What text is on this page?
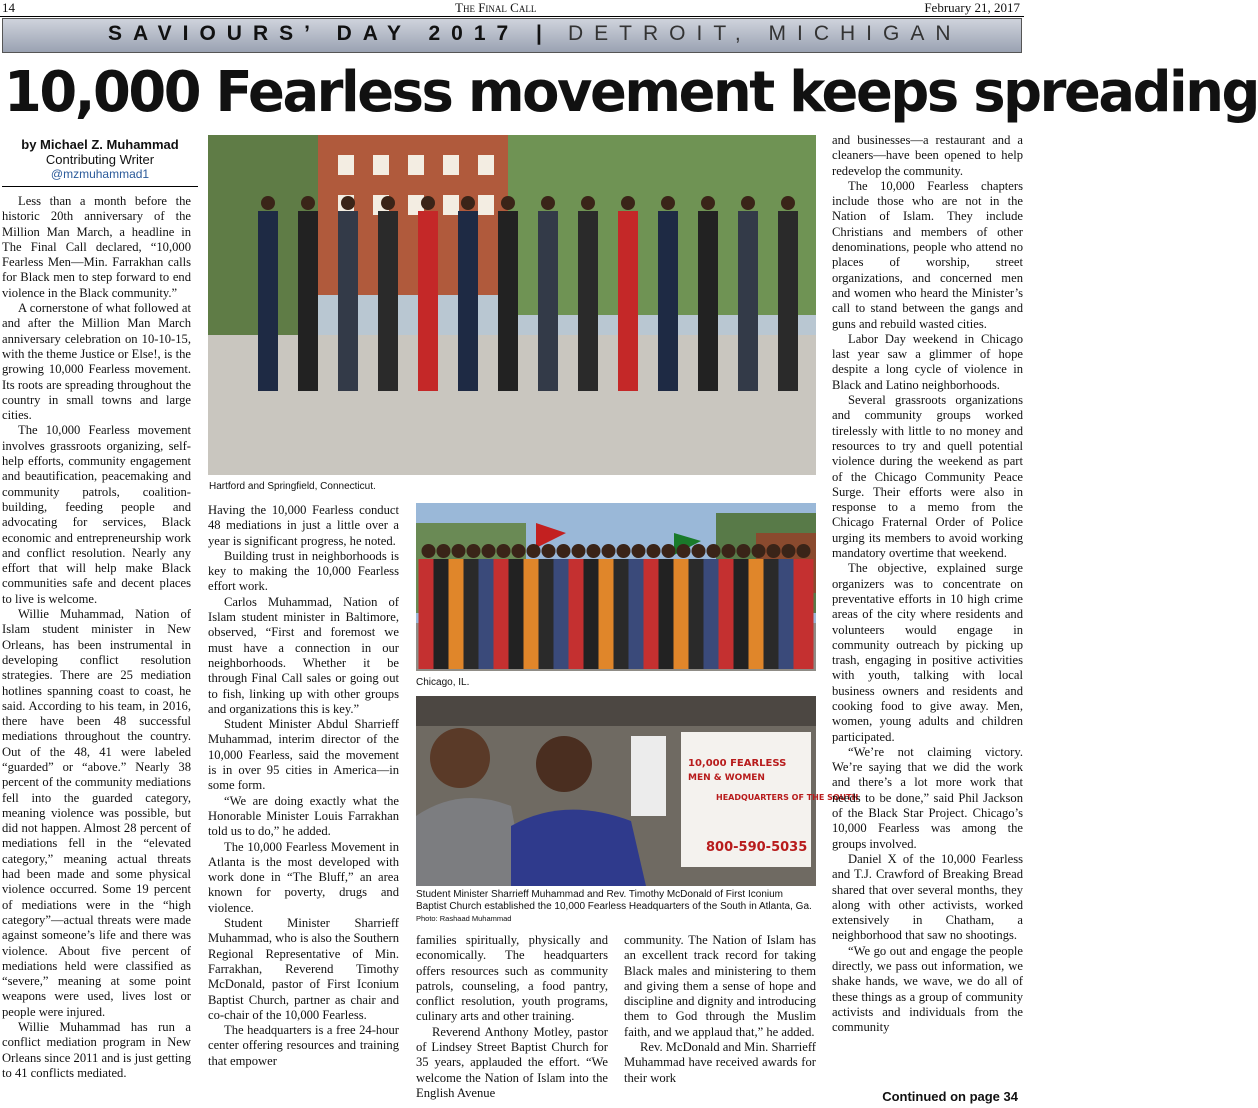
14	The Final Call	February 21, 2017
SAVIOURS’ DAY 2017 | DETROIT, MICHIGAN
10,000 Fearless movement keeps spreading
by Michael Z. Muhammad
Contributing Writer
@mzmuhammad1

Less than a month before the historic 20th anniversary of the Million Man March, a headline in The Final Call declared, “10,000 Fearless Men—Min. Farrakhan calls for Black men to step forward to end violence in the Black community.”

A cornerstone of what followed at and after the Million Man March anniversary celebration on 10-10-15, with the theme Justice or Else!, is the growing 10,000 Fearless movement. Its roots are spreading throughout the country in small towns and large cities.

The 10,000 Fearless movement involves grassroots organizing, self-help efforts, community engagement and beautification, peacemaking and community patrols, coalition-building, feeding people and advocating for services, Black economic and entrepreneurship work and conflict resolution. Nearly any effort that will help make Black communities safe and decent places to live is welcome.

Willie Muhammad, Nation of Islam student minister in New Orleans, has been instrumental in developing conflict resolution strategies. There are 25 mediation hotlines spanning coast to coast, he said. According to his team, in 2016, there have been 48 successful mediations throughout the country. Out of the 48, 41 were labeled “guarded” or “above.” Nearly 38 percent of the community mediations fell into the guarded category, meaning violence was possible, but did not happen. Almost 28 percent of mediations fell in the “elevated category,” meaning actual threats had been made and some physical violence occurred. Some 19 percent of mediations were in the “high category”—actual threats were made against someone’s life and there was violence. About five percent of mediations held were classified as “severe,” meaning at some point weapons were used, lives lost or people were injured.

Willie Muhammad has run a conflict mediation program in New Orleans since 2011 and is just getting to 41 conflicts mediated.

Hartford and Springfield, Connecticut.

Having the 10,000 Fearless conduct 48 mediations in just a little over a year is significant progress, he noted.

Building trust in neighborhoods is key to making the 10,000 Fearless effort work.

Carlos Muhammad, Nation of Islam student minister in Baltimore, observed, “First and foremost we must have a connection in our neighborhoods. Whether it be through Final Call sales or going out to fish, linking up with other groups and organizations this is key.”

Student Minister Abdul Sharrieff Muhammad, interim director of the 10,000 Fearless, said the movement is in over 95 cities in America—in some form.

“We are doing exactly what the Honorable Minister Louis Farrakhan told us to do,” he added.

The 10,000 Fearless Movement in Atlanta is the most developed with work done in “The Bluff,” an area known for poverty, drugs and violence.

Student Minister Sharrieff Muhammad, who is also the Southern Regional Representative of Min. Farrakhan, Reverend Timothy McDonald, pastor of First Iconium Baptist Church, partner as chair and co-chair of the 10,000 Fearless.

The headquarters is a free 24-hour center offering resources and training that empower

Chicago, IL.
10,000 FEARLESS
MEN & WOMEN
HEADQUARTERS OF THE SOUTH
800-590-5035
Student Minister Sharrieff Muhammad and Rev. Timothy McDonald of First Iconium Baptist Church established the 10,000 Fearless Headquarters of the South in Atlanta, Ga.
Photo: Rashaad Muhammad

families spiritually, physically and economically. The headquarters offers resources such as community patrols, counseling, a food pantry, conflict resolution, youth programs, culinary arts and other training.

Reverend Anthony Motley, pastor of Lindsey Street Baptist Church for 35 years, applauded the effort. “We welcome the Nation of Islam into the English Avenue

community. The Nation of Islam has an excellent track record for taking Black males and ministering to them and giving them a sense of hope and discipline and dignity and introducing them to God through the Muslim faith, and we applaud that,” he added.

Rev. McDonald and Min. Sharrieff Muhammad have received awards for their work

and businesses—a restaurant and a cleaners—have been opened to help redevelop the community.

The 10,000 Fearless chapters include those who are not in the Nation of Islam. They include Christians and members of other denominations, people who attend no places of worship, street organizations, and concerned men and women who heard the Minister’s call to stand between the gangs and guns and rebuild wasted cities.

Labor Day weekend in Chicago last year saw a glimmer of hope despite a long cycle of violence in Black and Latino neighborhoods.

Several grassroots organizations and community groups worked tirelessly with little to no money and resources to try and quell potential violence during the weekend as part of the Chicago Community Peace Surge. Their efforts were also in response to a memo from the Chicago Fraternal Order of Police urging its members to avoid working mandatory overtime that weekend.

The objective, explained surge organizers was to concentrate on preventative efforts in 10 high crime areas of the city where residents and volunteers would engage in community outreach by picking up trash, engaging in positive activities with youth, talking with local business owners and residents and cooking food to give away. Men, women, young adults and children participated.

“We’re not claiming victory. We’re saying that we did the work and there’s a lot more work that needs to be done,” said Phil Jackson of the Black Star Project. Chicago’s 10,000 Fearless was among the groups involved.

Daniel X of the 10,000 Fearless and T.J. Crawford of Breaking Bread shared that over several months, they along with other activists, worked extensively in Chatham, a neighborhood that saw no shootings.

“We go out and engage the people directly, we pass out information, we shake hands, we wave, we do all of these things as a group of community activists and individuals from the community

Continued on page 34
